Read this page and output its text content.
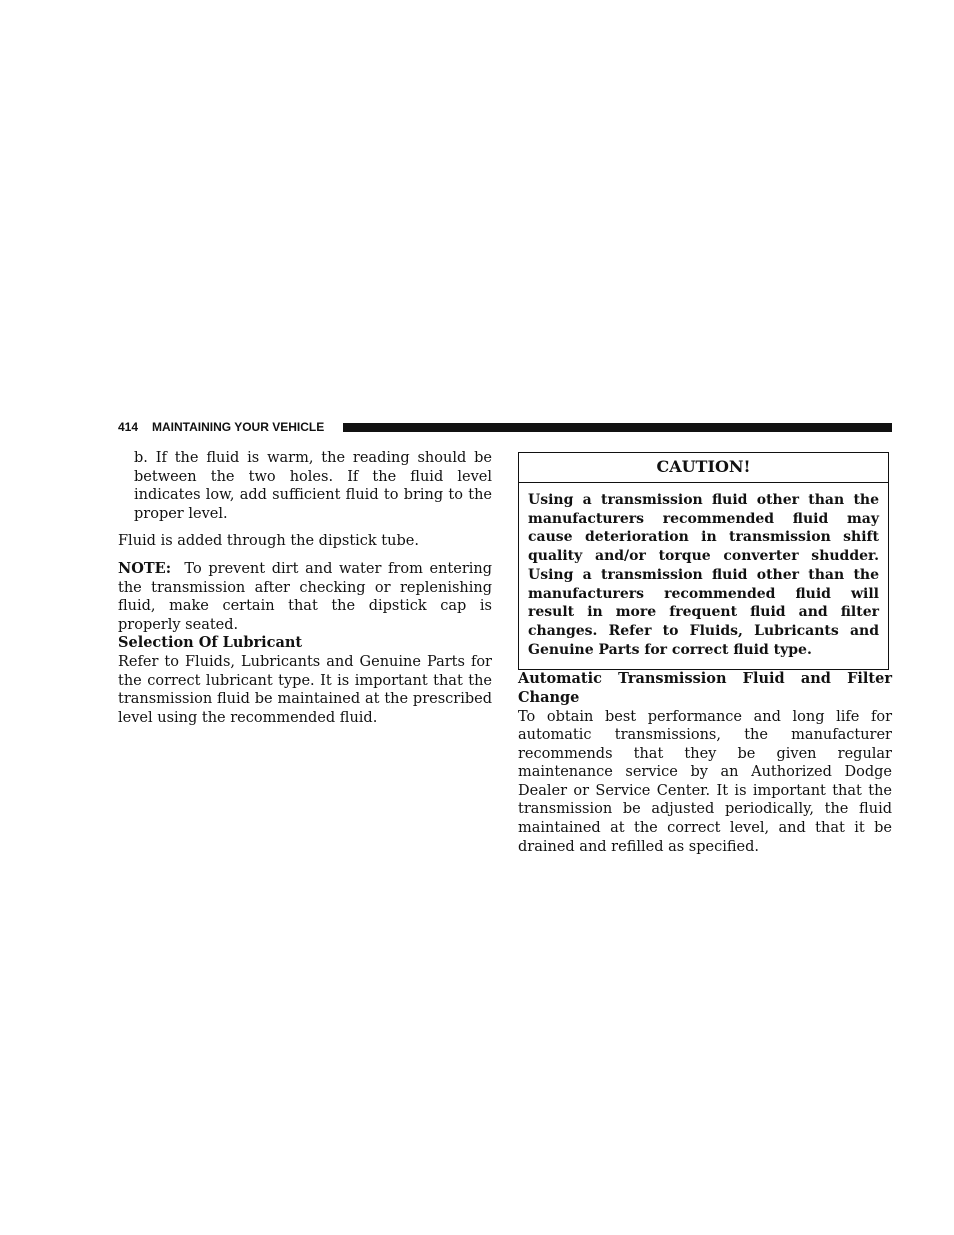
414 MAINTAINING YOUR VEHICLE

b. If the fluid is warm, the reading should be between the two holes. If the fluid level indicates low, add sufficient fluid to bring to the proper level.

Fluid is added through the dipstick tube.

NOTE: To prevent dirt and water from entering the transmission after checking or replenishing fluid, make certain that the dipstick cap is properly seated.

Selection Of Lubricant

Refer to Fluids, Lubricants and Genuine Parts for the correct lubricant type. It is important that the transmission fluid be maintained at the prescribed level using the recommended fluid.

CAUTION!
Using a transmission fluid other than the manufacturers recommended fluid may cause deterioration in transmission shift quality and/or torque converter shudder. Using a transmission fluid other than the manufacturers recommended fluid will result in more frequent fluid and filter changes. Refer to Fluids, Lubricants and Genuine Parts for correct fluid type.

Automatic Transmission Fluid and Filter Change

To obtain best performance and long life for automatic transmissions, the manufacturer recommends that they be given regular maintenance service by an Authorized Dodge Dealer or Service Center. It is important that the transmission be adjusted periodically, the fluid maintained at the correct level, and that it be drained and refilled as specified.
